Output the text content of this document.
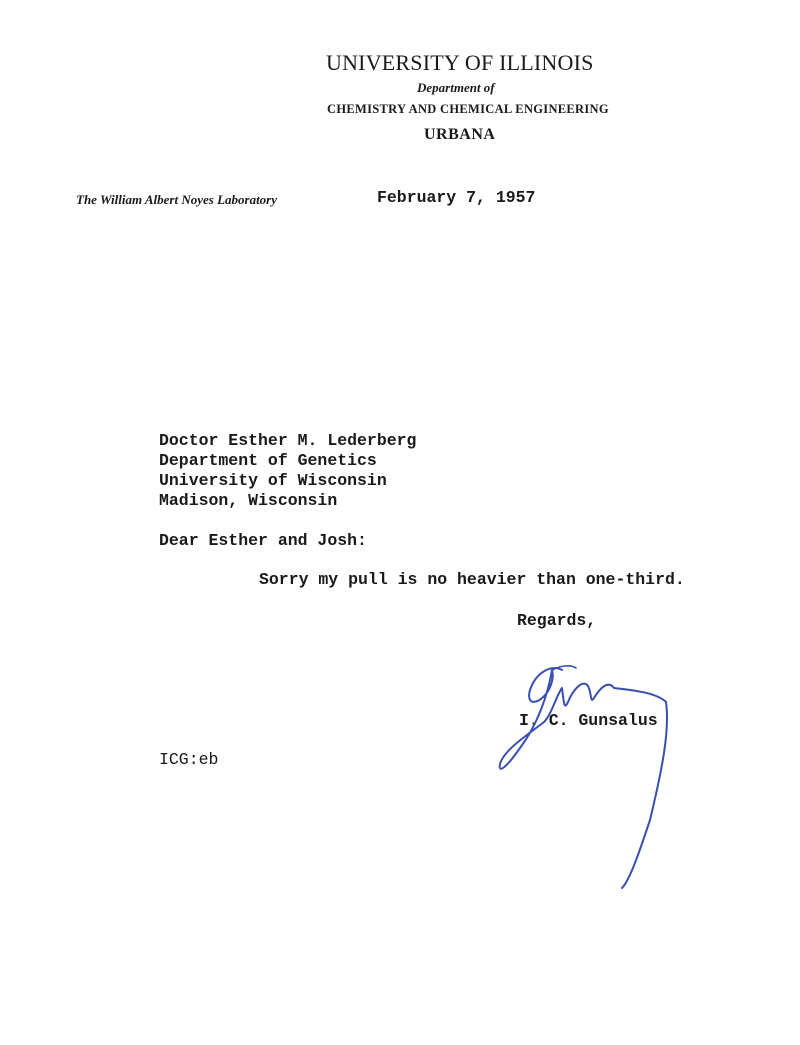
UNIVERSITY OF ILLINOIS
Department of
CHEMISTRY AND CHEMICAL ENGINEERING
URBANA
The William Albert Noyes Laboratory	February 7, 1957
Doctor Esther M. Lederberg
Department of Genetics
University of Wisconsin
Madison, Wisconsin
Dear Esther and Josh:
Sorry my pull is no heavier than one-third.
Regards,
I. C. Gunsalus
ICG:eb
